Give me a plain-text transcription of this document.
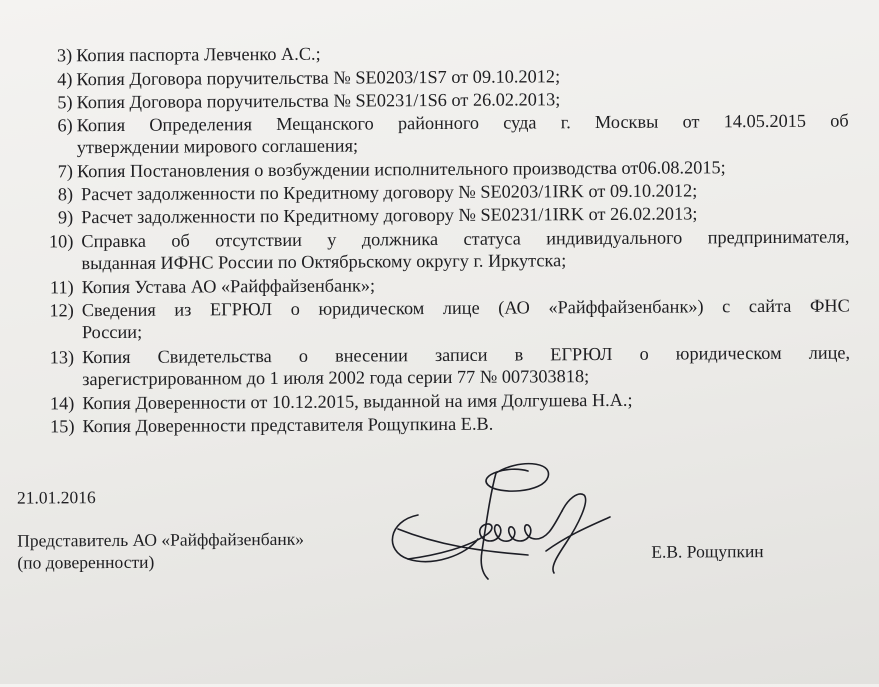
3) Копия паспорта Левченко А.С.;
4) Копия Договора поручительства № SE0203/1S7 от 09.10.2012;
5) Копия Договора поручительства № SE0231/1S6 от 26.02.2013;
6) Копия Определения Мещанского районного суда г. Москвы от 14.05.2015 об
утверждении мирового соглашения;
7) Копия Постановления о возбуждении исполнительного производства от06.08.2015;
8) Расчет задолженности по Кредитному договору № SE0203/1IRK от 09.10.2012;
9) Расчет задолженности по Кредитному договору № SE0231/1IRK от 26.02.2013;
10) Справка об отсутствии у должника статуса индивидуального предпринимателя,
выданная ИФНС России по Октябрьскому округу г. Иркутска;
11) Копия Устава АО «Райффайзенбанк»;
12) Сведения из ЕГРЮЛ о юридическом лице (АО «Райффайзенбанк») с сайта ФНС
России;
13) Копия Свидетельства о внесении записи в ЕГРЮЛ о юридическом лице,
зарегистрированном до 1 июля 2002 года серии 77 № 007303818;
14) Копия Доверенности от 10.12.2015, выданной на имя Долгушева Н.А.;
15) Копия Доверенности представителя Рощупкина Е.В.
21.01.2016
Представитель АО «Райффайзенбанк»
(по доверенности)
Е.В. Рощупкин
